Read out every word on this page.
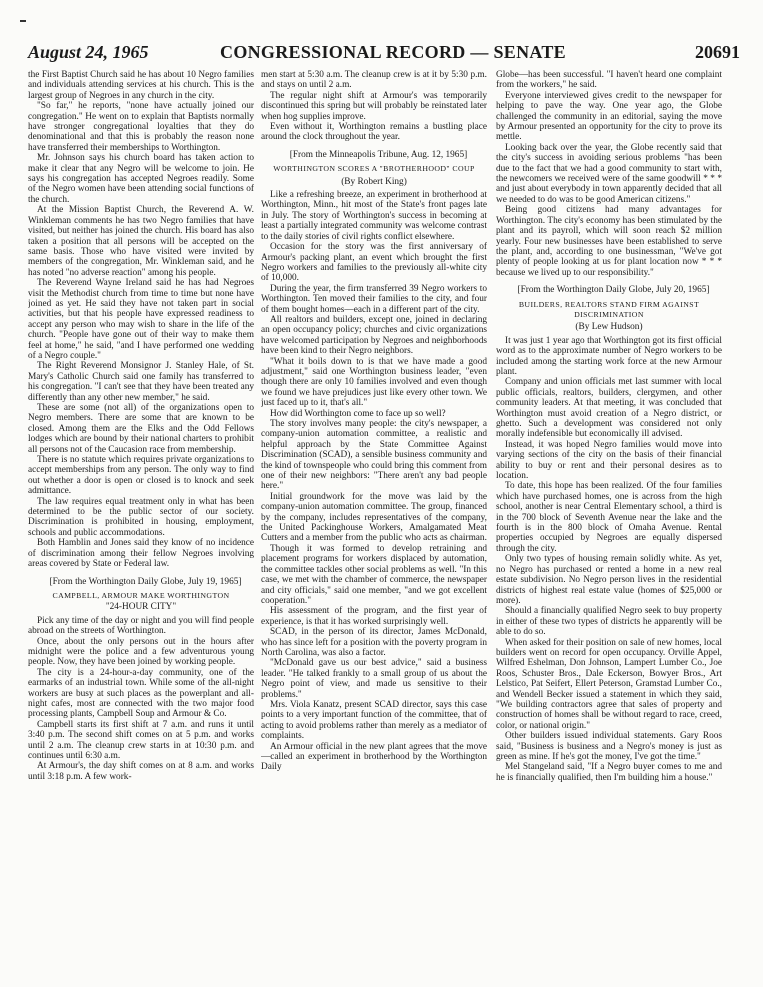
August 24, 1965	CONGRESSIONAL RECORD — SENATE	20691

the First Baptist Church said he has about 10 Negro families and individuals attending services at his church. This is the largest group of Negroes in any church in the city.

"So far," he reports, "none have actually joined our congregation." He went on to explain that Baptists normally have stronger congregational loyalties that they do denominational and that this is probably the reason none have transferred their memberships to Worthington.

Mr. Johnson says his church board has taken action to make it clear that any Negro will be welcome to join. He says his congregation has accepted Negroes readily. Some of the Negro women have been attending social functions of the church.

At the Mission Baptist Church, the Reverend A. W. Winkleman comments he has two Negro families that have visited, but neither has joined the church. His board has also taken a position that all persons will be accepted on the same basis. Those who have visited were invited by members of the congregation, Mr. Winkleman said, and he has noted "no adverse reaction" among his people.

The Reverend Wayne Ireland said he has had Negroes visit the Methodist church from time to time but none have joined as yet. He said they have not taken part in social activities, but that his people have expressed readiness to accept any person who may wish to share in the life of the church. "People have gone out of their way to make them feel at home," he said, "and I have performed one wedding of a Negro couple."

The Right Reverend Monsignor J. Stanley Hale, of St. Mary's Catholic Church said one family has transferred to his congregation. "I can't see that they have been treated any differently than any other new member," he said.

These are some (not all) of the organizations open to Negro members. There are some that are known to be closed. Among them are the Elks and the Odd Fellows lodges which are bound by their national charters to prohibit all persons not of the Caucasion race from membership.

There is no statute which requires private organizations to accept memberships from any person. The only way to find out whether a door is open or closed is to knock and seek admittance.

The law requires equal treatment only in what has been determined to be the public sector of our society. Discrimination is prohibited in housing, employment, schools and public accommodations.

Both Hamblin and Jones said they know of no incidence of discrimination among their fellow Negroes involving areas covered by State or Federal law.

[From the Worthington Daily Globe, July 19, 1965]

CAMPBELL, ARMOUR MAKE WORTHINGTON

"24-HOUR CITY"

Pick any time of the day or night and you will find people abroad on the streets of Worthington.

Once, about the only persons out in the hours after midnight were the police and a few adventurous young people. Now, they have been joined by working people.

The city is a 24-hour-a-day community, one of the earmarks of an industrial town. While some of the all-night workers are busy at such places as the powerplant and all-night cafes, most are connected with the two major food processing plants, Campbell Soup and Armour & Co.

Campbell starts its first shift at 7 a.m. and runs it until 3:40 p.m. The second shift comes on at 5 p.m. and works until 2 a.m. The cleanup crew starts in at 10:30 p.m. and continues until 6:30 a.m.

At Armour's, the day shift comes on at 8 a.m. and works until 3:18 p.m. A few work-

men start at 5:30 a.m. The cleanup crew is at it by 5:30 p.m. and stays on until 2 a.m.

The regular night shift at Armour's was temporarily discontinued this spring but will probably be reinstated later when hog supplies improve.

Even without it, Worthington remains a bustling place around the clock throughout the year.

[From the Minneapolis Tribune, Aug. 12, 1965]

WORTHINGTON SCORES A "BROTHERHOOD" COUP

(By Robert King)

Like a refreshing breeze, an experiment in brotherhood at Worthington, Minn., hit most of the State's front pages late in July. The story of Worthington's success in becoming at least a partially integrated community was welcome contrast to the daily stories of civil rights conflict elsewhere.

Occasion for the story was the first anniversary of Armour's packing plant, an event which brought the first Negro workers and families to the previously all-white city of 10,000.

During the year, the firm transferred 39 Negro workers to Worthington. Ten moved their families to the city, and four of them bought homes—each in a different part of the city.

All realtors and builders, except one, joined in declaring an open occupancy policy; churches and civic organizations have welcomed participation by Negroes and neighborhoods have been kind to their Negro neighbors.

"What it boils down to is that we have made a good adjustment," said one Worthington business leader, "even though there are only 10 families involved and even though we found we have prejudices just like every other town. We just faced up to it, that's all."

How did Worthington come to face up so well?

The story involves many people: the city's newspaper, a company-union automation committee, a realistic and helpful approach by the State Committee Against Discrimination (SCAD), a sensible business community and the kind of townspeople who could bring this comment from one of their new neighbors: "There aren't any bad people here."

Initial groundwork for the move was laid by the company-union automation committee. The group, financed by the company, includes representatives of the company, the United Packinghouse Workers, Amalgamated Meat Cutters and a member from the public who acts as chairman.

Though it was formed to develop retraining and placement programs for workers displaced by automation, the committee tackles other social problems as well. "In this case, we met with the chamber of commerce, the newspaper and city officials," said one member, "and we got excellent cooperation."

His assessment of the program, and the first year of experience, is that it has worked surprisingly well.

SCAD, in the person of its director, James McDonald, who has since left for a position with the poverty program in North Carolina, was also a factor.

"McDonald gave us our best advice," said a business leader. "He talked frankly to a small group of us about the Negro point of view, and made us sensitive to their problems."

Mrs. Viola Kanatz, present SCAD director, says this case points to a very important function of the committee, that of acting to avoid problems rather than merely as a mediator of complaints.

An Armour official in the new plant agrees that the move—called an experiment in brotherhood by the Worthington Daily

Globe—has been successful. "I haven't heard one complaint from the workers," he said.

Everyone interviewed gives credit to the newspaper for helping to pave the way. One year ago, the Globe challenged the community in an editorial, saying the move by Armour presented an opportunity for the city to prove its mettle.

Looking back over the year, the Globe recently said that the city's success in avoiding serious problems "has been due to the fact that we had a good community to start with, the newcomers we received were of the same goodwill * * * and just about everybody in town apparently decided that all we needed to do was to be good American citizens."

Being good citizens had many advantages for Worthington. The city's economy has been stimulated by the plant and its payroll, which will soon reach $2 million yearly. Four new businesses have been established to serve the plant, and, according to one businessman, "We've got plenty of people looking at us for plant location now * * * because we lived up to our responsibility."

[From the Worthington Daily Globe, July 20, 1965]

BUILDERS, REALTORS STAND FIRM AGAINST DISCRIMINATION

(By Lew Hudson)

It was just 1 year ago that Worthington got its first official word as to the approximate number of Negro workers to be included among the starting work force at the new Armour plant.

Company and union officials met last summer with local public officials, realtors, builders, clergymen, and other community leaders. At that meeting, it was concluded that Worthington must avoid creation of a Negro district, or ghetto. Such a development was considered not only morally indefensible but economically ill advised.

Instead, it was hoped Negro families would move into varying sections of the city on the basis of their financial ability to buy or rent and their personal desires as to location.

To date, this hope has been realized. Of the four families which have purchased homes, one is across from the high school, another is near Central Elementary school, a third is in the 700 block of Seventh Avenue near the lake and the fourth is in the 800 block of Omaha Avenue. Rental properties occupied by Negroes are equally dispersed through the city.

Only two types of housing remain solidly white. As yet, no Negro has purchased or rented a home in a new real estate subdivision. No Negro person lives in the residential districts of highest real estate value (homes of $25,000 or more).

Should a financially qualified Negro seek to buy property in either of these two types of districts he apparently will be able to do so.

When asked for their position on sale of new homes, local builders went on record for open occupancy. Orville Appel, Wilfred Eshelman, Don Johnson, Lampert Lumber Co., Joe Roos, Schuster Bros., Dale Eckerson, Bowyer Bros., Art Lelstico, Pat Seifert, Ellert Peterson, Gramstad Lumber Co., and Wendell Becker issued a statement in which they said, "We building contractors agree that sales of property and construction of homes shall be without regard to race, creed, color, or national origin."

Other builders issued individual statements. Gary Roos said, "Business is business and a Negro's money is just as green as mine. If he's got the money, I've got the time."

Mel Stangeland said, "If a Negro buyer comes to me and he is financially qualified, then I'm building him a house."
